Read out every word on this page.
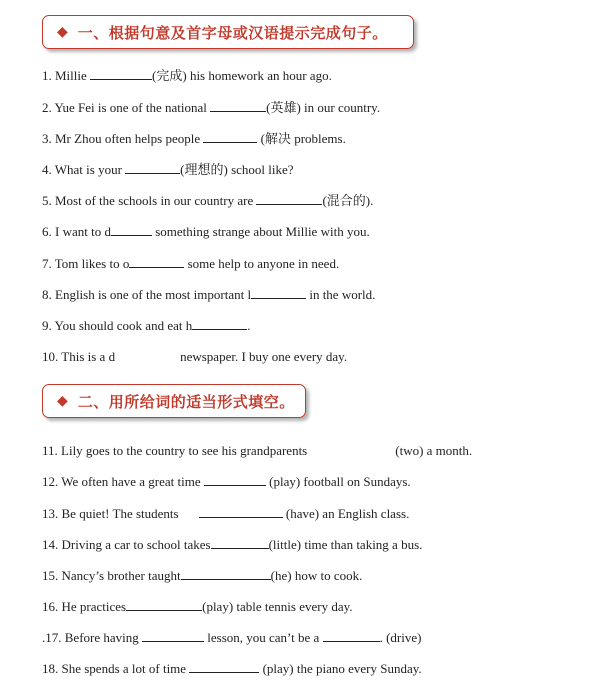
◆ 一、根据句意及首字母或汉语提示完成句子。
1. Millie	(完成) his homework an hour ago.
2. Yue Fei is one of the national	(英雄) in our country.
3. Mr Zhou often helps people	(解决 problems.
4. What is your	(理想的) school like?
5. Most of the schools in our country are	(混合的).
6. I want to d	something strange about Millie with you.
7. Tom likes to o	some help to anyone in need.
8. English is one of the most important l	in the world.
9. You should cook and eat h	.
10. This is a d	newspaper. I buy one every day.
◆ 二、用所给词的适当形式填空。
11. Lily goes to the country to see his grandparents	(two) a month.
12. We often have a great time	(play) football on Sundays.
13. Be quiet! The students	(have) an English class.
14. Driving a car to school takes	(little) time than taking a bus.
15. Nancy’s brother taught	(he) how to cook.
16. He practices	(play) table tennis every day.
.17. Before having	lesson, you can’t be a	. (drive)
18. She spends a lot of time	(play) the piano every Sunday.
